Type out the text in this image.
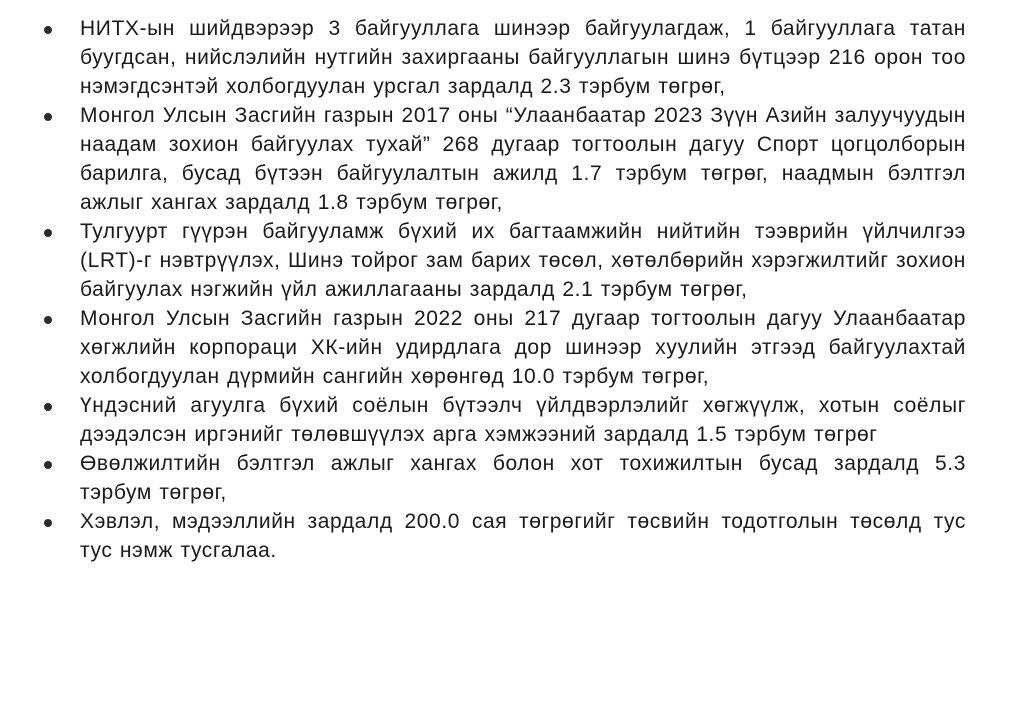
НИТХ-ын шийдвэрээр 3 байгууллага шинээр байгуулагдаж, 1 байгууллага татан буугдсан, нийслэлийн нутгийн захиргааны байгууллагын шинэ бүтцээр 216 орон тоо нэмэгдсэнтэй холбогдуулан урсгал зардалд 2.3 тэрбум төгрөг,
Монгол Улсын Засгийн газрын 2017 оны “Улаанбаатар 2023 Зүүн Азийн залуучуудын наадам зохион байгуулах тухай” 268 дугаар тогтоолын дагуу Спорт цогцолборын барилга, бусад бүтээн байгуулалтын ажилд 1.7 тэрбум төгрөг, наадмын бэлтгэл ажлыг хангах зардалд 1.8 тэрбум төгрөг,
Тулгуурт гүүрэн байгууламж бүхий их багтаамжийн нийтийн тээврийн үйлчилгээ (LRT)-г нэвтрүүлэх, Шинэ тойрог зам барих төсөл, хөтөлбөрийн хэрэгжилтийг зохион байгуулах нэгжийн үйл ажиллагааны зардалд 2.1 тэрбум төгрөг,
Монгол Улсын Засгийн газрын 2022 оны 217 дугаар тогтоолын дагуу Улаанбаатар хөгжлийн корпораци ХК-ийн удирдлага дор шинээр хуулийн этгээд байгуулахтай холбогдуулан дүрмийн сангийн хөрөнгөд 10.0 тэрбум төгрөг,
Үндэсний агуулга бүхий соёлын бүтээлч үйлдвэрлэлийг хөгжүүлж, хотын соёлыг дээдэлсэн иргэнийг төлөвшүүлэх арга хэмжээний зардалд 1.5 тэрбум төгрөг
Өвөлжилтийн бэлтгэл ажлыг хангах болон хот тохижилтын бусад зардалд 5.3 тэрбум төгрөг,
Хэвлэл, мэдээллийн зардалд 200.0 сая төгрөгийг төсвийн тодотголын төсөлд тус тус нэмж тусгалаа.
